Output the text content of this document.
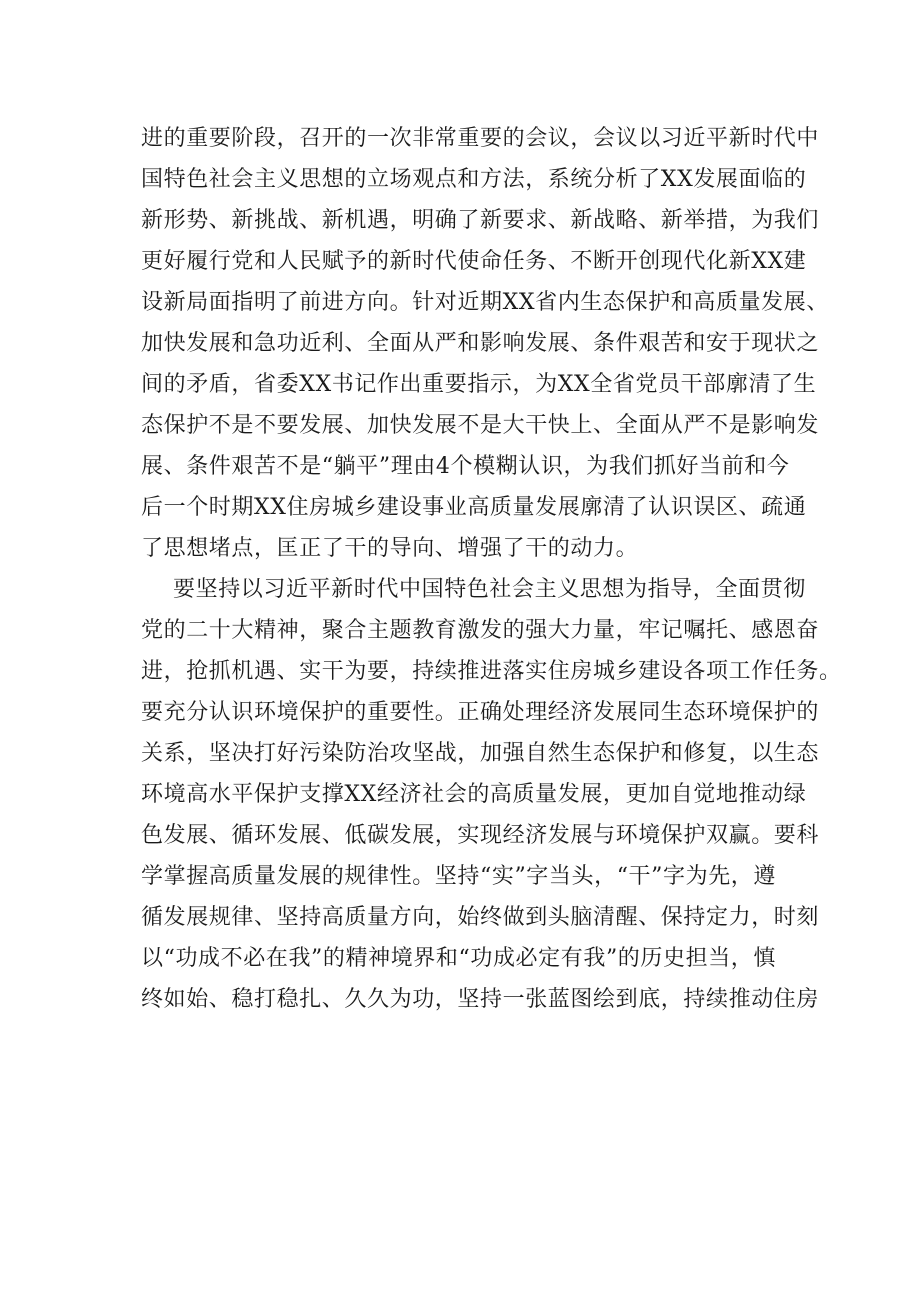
进的重要阶段，召开的一次非常重要的会议，会议以习近平新时代中
国特色社会主义思想的立场观点和方法，系统分析了XX发展面临的
新形势、新挑战、新机遇，明确了新要求、新战略、新举措，为我们
更好履行党和人民赋予的新时代使命任务、不断开创现代化新XX建
设新局面指明了前进方向。针对近期XX省内生态保护和高质量发展、
加快发展和急功近利、全面从严和影响发展、条件艰苦和安于现状之
间的矛盾，省委XX书记作出重要指示，为XX全省党员干部廓清了生
态保护不是不要发展、加快发展不是大干快上、全面从严不是影响发
展、条件艰苦不是“躺平”理由4个模糊认识，为我们抓好当前和今
后一个时期XX住房城乡建设事业高质量发展廓清了认识误区、疏通
了思想堵点，匡正了干的导向、增强了干的动力。
要坚持以习近平新时代中国特色社会主义思想为指导，全面贯彻
党的二十大精神，聚合主题教育激发的强大力量，牢记嘱托、感恩奋
进，抢抓机遇、实干为要，持续推进落实住房城乡建设各项工作任务。
要充分认识环境保护的重要性。正确处理经济发展同生态环境保护的
关系，坚决打好污染防治攻坚战，加强自然生态保护和修复，以生态
环境高水平保护支撑XX经济社会的高质量发展，更加自觉地推动绿
色发展、循环发展、低碳发展，实现经济发展与环境保护双赢。要科
学掌握高质量发展的规律性。坚持“实”字当头，“干”字为先，遵
循发展规律、坚持高质量方向，始终做到头脑清醒、保持定力，时刻
以“功成不必在我”的精神境界和“功成必定有我”的历史担当，慎
终如始、稳打稳扎、久久为功，坚持一张蓝图绘到底，持续推动住房
